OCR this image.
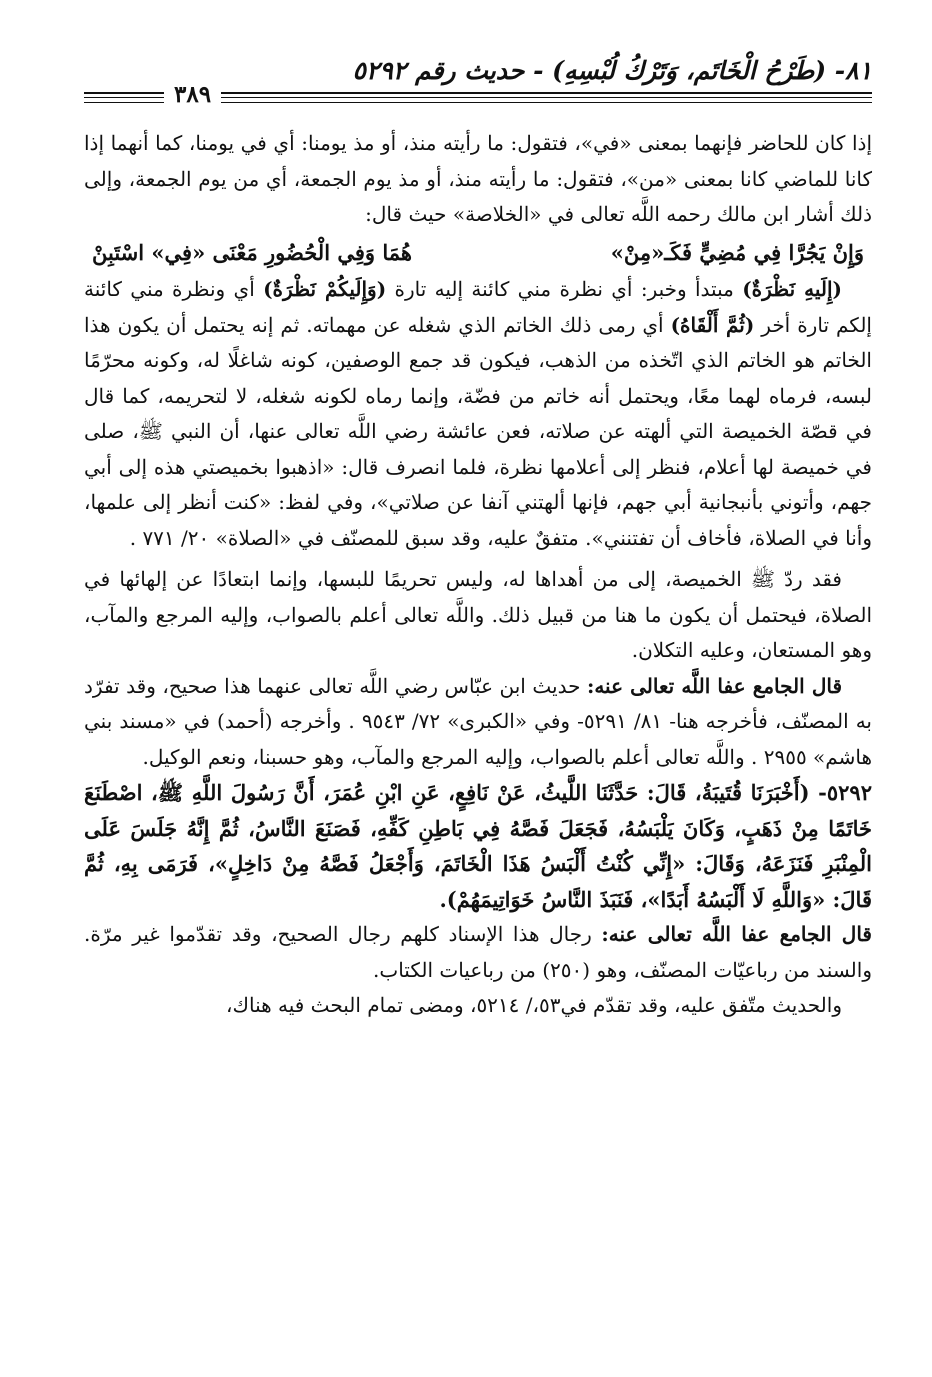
٨١- (طَرْحُ الْخَاتَم، وَتَرْكُ لُبْسِهِ) - حديث رقم ٥٢٩٢
٣٨٩

إذا كان للحاضر فإنهما بمعنى «في»، فتقول: ما رأيته منذ، أو مذ يومنا: أي في يومنا، كما أنهما إذا كانا للماضي كانا بمعنى «من»، فتقول: ما رأيته منذ، أو مذ يوم الجمعة، أي من يوم الجمعة، وإلى ذلك أشار ابن مالك رحمه اللَّه تعالى في «الخلاصة» حيث قال:

وَإِنْ يَجُرَّا فِي مُضِيٍّ فَكَـ«مِنْ»
هُمَا وَفِي الْحُضُورِ مَعْنَى «فِي» اسْتَبِنْ

(إِلَيهِ نَظْرَةٌ) مبتدأ وخبر: أي نظرة مني كائنة إليه تارة (وَإِلَيكُمْ نَظْرَةٌ) أي ونظرة مني كائنة إلكم تارة أخر (ثُمَّ أَلْقَاهُ) أي رمى ذلك الخاتم الذي شغله عن مهماته. ثم إنه يحتمل أن يكون هذا الخاتم هو الخاتم الذي اتّخذه من الذهب، فيكون قد جمع الوصفين، كونه شاغلًا له، وكونه محرّمًا لبسه، فرماه لهما معًا، ويحتمل أنه خاتم من فضّة، وإنما رماه لكونه شغله، لا لتحريمه، كما قال في قصّة الخميصة التي ألهته عن صلاته، فعن عائشة رضي اللَّه تعالى عنها، أن النبي ﷺ، صلى في خميصة لها أعلام، فنظر إلى أعلامها نظرة، فلما انصرف قال: «اذهبوا بخميصتي هذه إلى أبي جهم، وأتوني بأنبجانية أبي جهم، فإنها ألهتني آنفا عن صلاتي»، وفي لفظ: «كنت أنظر إلى علمها، وأنا في الصلاة، فأخاف أن تفتنني». متفقٌ عليه، وقد سبق للمصنّف في «الصلاة» ٢٠/ ٧٧١ .

فقد ردّ ﷺ الخميصة، إلى من أهداها له، وليس تحريمًا للبسها، وإنما ابتعادًا عن إلهائها في الصلاة، فيحتمل أن يكون ما هنا من قبيل ذلك. واللَّه تعالى أعلم بالصواب، وإليه المرجع والمآب، وهو المستعان، وعليه التكلان.

قال الجامع عفا اللَّه تعالى عنه: حديث ابن عبّاس رضي اللَّه تعالى عنهما هذا صحيح، وقد تفرّد به المصنّف، فأخرجه هنا- ٨١/ ٥٢٩١- وفي «الكبرى» ٧٢/ ٩٥٤٣ . وأخرجه (أحمد) في «مسند بني هاشم» ٢٩٥٥ . واللَّه تعالى أعلم بالصواب، وإليه المرجع والمآب، وهو حسبنا، ونعم الوكيل.

٥٢٩٢- (أَخْبَرَنَا قُتَيبَةُ، قَالَ: حَدَّثَنَا اللَّيثُ، عَنْ نَافِعٍ، عَنِ ابْنِ عُمَرَ، أَنَّ رَسُولَ اللَّهِ ﷺ، اصْطَنَعَ خَاتَمًا مِنْ ذَهَبٍ، وَكَانَ يَلْبَسُهُ، فَجَعَلَ فَصَّهُ فِي بَاطِنِ كَفِّهِ، فَصَنَعَ النَّاسُ، ثُمَّ إِنَّهُ جَلَسَ عَلَى الْمِنْبَرِ فَنَزَعَهُ، وَقَالَ: «إِنِّي كُنْتُ أَلْبَسُ هَذَا الْخَاتَمَ، وَأَجْعَلُ فَصَّهُ مِنْ دَاخِلٍ»، فَرَمَى بِهِ، ثُمَّ قَالَ: «وَاللَّهِ لَا أَلْبَسُهُ أَبَدًا»، فَنَبَذَ النَّاسُ خَوَاتِيمَهُمْ).

قال الجامع عفا اللَّه تعالى عنه: رجال هذا الإسناد كلهم رجال الصحيح، وقد تقدّموا غير مرّة. والسند من رباعيّات المصنّف، وهو (٢٥٠) من رباعيات الكتاب.

والحديث متّفق عليه، وقد تقدّم في٥٣،/ ٥٢١٤، ومضى تمام البحث فيه هناك،
